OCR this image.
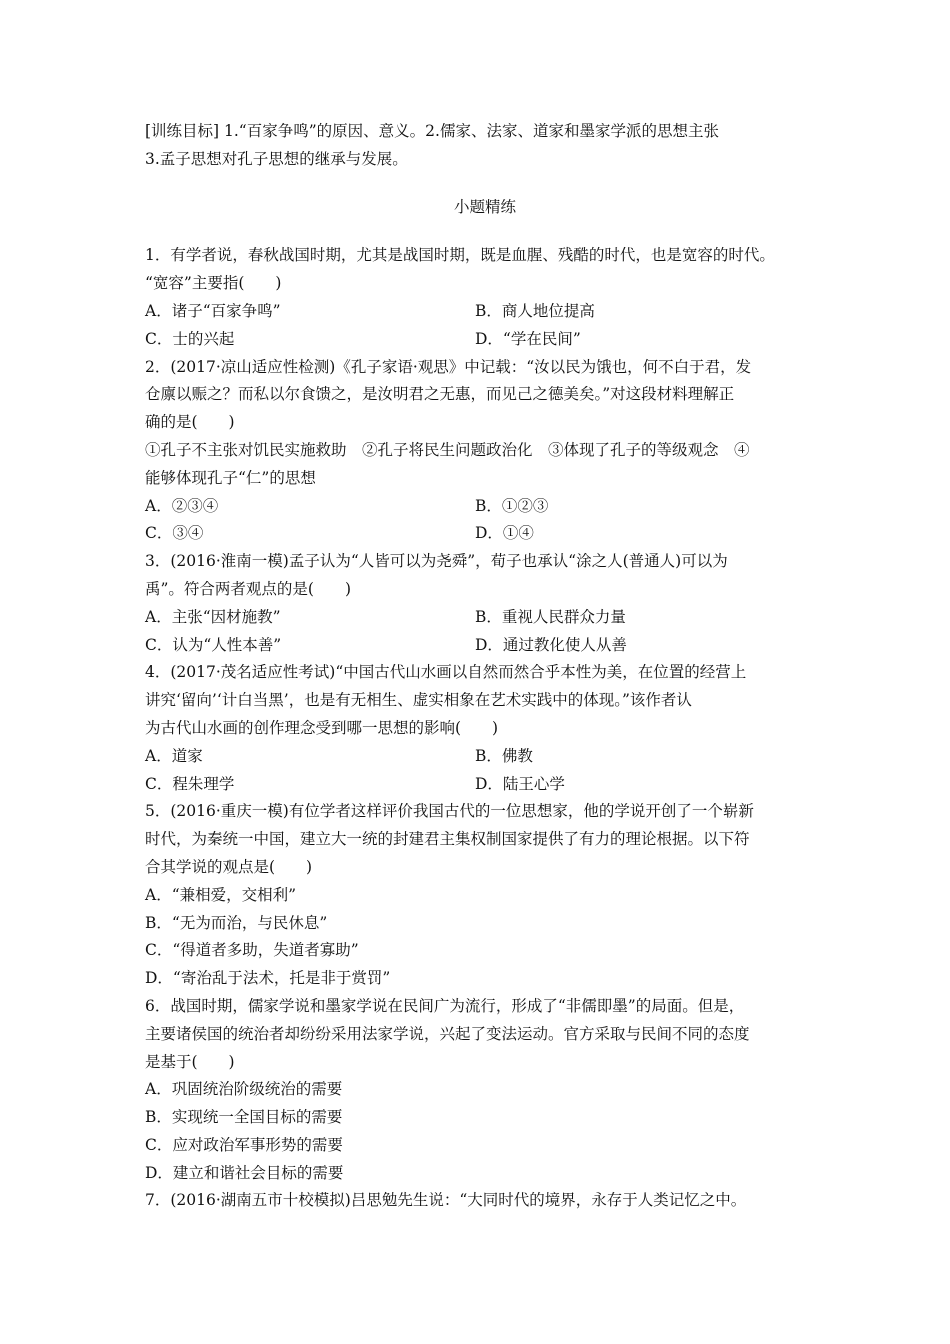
[训练目标] 1.“百家争鸣”的原因、意义。2.儒家、法家、道家和墨家学派的思想主张
3.孟子思想对孔子思想的继承与发展。
小题精练
1．有学者说，春秋战国时期，尤其是战国时期，既是血腥、残酷的时代，也是宽容的时代。
“宽容”主要指(　　)
A．诸子“百家争鸣”	B．商人地位提高
C．士的兴起	D．“学在民间”
2．(2017·凉山适应性检测)《孔子家语·观思》中记载：“汝以民为饿也，何不白于君，发
仓廪以赈之？而私以尔食馈之，是汝明君之无惠，而见己之德美矣。”对这段材料理解正
确的是(　　)
①孔子不主张对饥民实施救助　②孔子将民生问题政治化　③体现了孔子的等级观念　④
能够体现孔子“仁”的思想
A．②③④	B．①②③
C．③④	D．①④
3．(2016·淮南一模)孟子认为“人皆可以为尧舜”，荀子也承认“涂之人(普通人)可以为
禹”。符合两者观点的是(　　)
A．主张“因材施教”	B．重视人民群众力量
C．认为“人性本善”	D．通过教化使人从善
4．(2017·茂名适应性考试)“中国古代山水画以自然而然合乎本性为美，在位置的经营上
讲究‘留向’‘计白当黑’，也是有无相生、虚实相象在艺术实践中的体现。”该作者认
为古代山水画的创作理念受到哪一思想的影响(　　)
A．道家	B．佛教
C．程朱理学	D．陆王心学
5．(2016·重庆一模)有位学者这样评价我国古代的一位思想家，他的学说开创了一个崭新
时代，为秦统一中国，建立大一统的封建君主集权制国家提供了有力的理论根据。以下符
合其学说的观点是(　　)
A．“兼相爱，交相利”
B．“无为而治，与民休息”
C．“得道者多助，失道者寡助”
D．“寄治乱于法术，托是非于赏罚”
6．战国时期，儒家学说和墨家学说在民间广为流行，形成了“非儒即墨”的局面。但是，
主要诸侯国的统治者却纷纷采用法家学说，兴起了变法运动。官方采取与民间不同的态度
是基于(　　)
A．巩固统治阶级统治的需要
B．实现统一全国目标的需要
C．应对政治军事形势的需要
D．建立和谐社会目标的需要
7．(2016·湖南五市十校模拟)吕思勉先生说：“大同时代的境界，永存于人类记忆之中。
